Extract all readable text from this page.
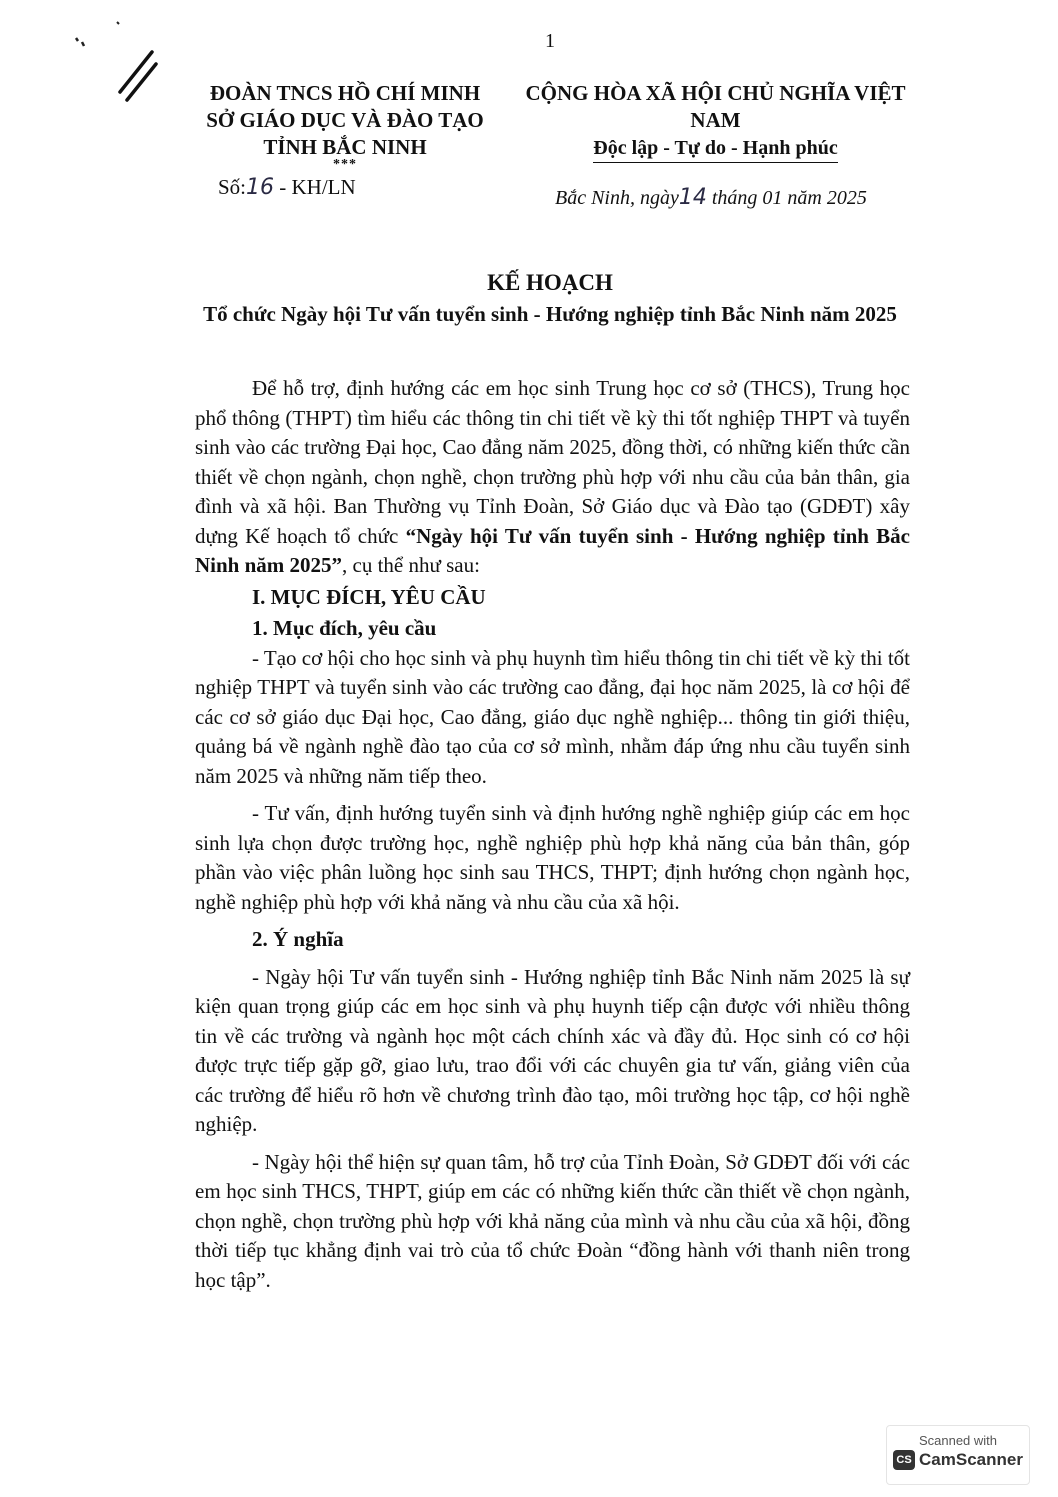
1
ĐOÀN TNCS HỒ CHÍ MINH
SỞ GIÁO DỤC VÀ ĐÀO TẠO
TỈNH BẮC NINH
***
Số:16 - KH/LN
CỘNG HÒA XÃ HỘI CHỦ NGHĨA VIỆT NAM
Độc lập - Tự do - Hạnh phúc
Bắc Ninh, ngày14 tháng 01 năm 2025
KẾ HOẠCH
Tổ chức Ngày hội Tư vấn tuyển sinh - Hướng nghiệp tỉnh Bắc Ninh năm 2025

Để hỗ trợ, định hướng các em học sinh Trung học cơ sở (THCS), Trung học phổ thông (THPT) tìm hiểu các thông tin chi tiết về kỳ thi tốt nghiệp THPT và tuyển sinh vào các trường Đại học, Cao đẳng năm 2025, đồng thời, có những kiến thức cần thiết về chọn ngành, chọn nghề, chọn trường phù hợp với nhu cầu của bản thân, gia đình và xã hội. Ban Thường vụ Tỉnh Đoàn, Sở Giáo dục và Đào tạo (GDĐT) xây dựng Kế hoạch tổ chức “Ngày hội Tư vấn tuyển sinh - Hướng nghiệp tỉnh Bắc Ninh năm 2025”, cụ thể như sau:

I. MỤC ĐÍCH, YÊU CẦU

1. Mục đích, yêu cầu

- Tạo cơ hội cho học sinh và phụ huynh tìm hiểu thông tin chi tiết về kỳ thi tốt nghiệp THPT và tuyển sinh vào các trường cao đẳng, đại học năm 2025, là cơ hội để các cơ sở giáo dục Đại học, Cao đẳng, giáo dục nghề nghiệp... thông tin giới thiệu, quảng bá về ngành nghề đào tạo của cơ sở mình, nhằm đáp ứng nhu cầu tuyển sinh năm 2025 và những năm tiếp theo.

- Tư vấn, định hướng tuyển sinh và định hướng nghề nghiệp giúp các em học sinh lựa chọn được trường học, nghề nghiệp phù hợp khả năng của bản thân, góp phần vào việc phân luồng học sinh sau THCS, THPT; định hướng chọn ngành học, nghề nghiệp phù hợp với khả năng và nhu cầu của xã hội.

2. Ý nghĩa

- Ngày hội Tư vấn tuyển sinh - Hướng nghiệp tỉnh Bắc Ninh năm 2025 là sự kiện quan trọng giúp các em học sinh và phụ huynh tiếp cận được với nhiều thông tin về các trường và ngành học một cách chính xác và đầy đủ. Học sinh có cơ hội được trực tiếp gặp gỡ, giao lưu, trao đổi với các chuyên gia tư vấn, giảng viên của các trường để hiểu rõ hơn về chương trình đào tạo, môi trường học tập, cơ hội nghề nghiệp.

- Ngày hội thể hiện sự quan tâm, hỗ trợ của Tỉnh Đoàn, Sở GDĐT đối với các em học sinh THCS, THPT, giúp em các có những kiến thức cần thiết về chọn ngành, chọn nghề, chọn trường phù hợp với khả năng của mình và nhu cầu của xã hội, đồng thời tiếp tục khẳng định vai trò của tổ chức Đoàn “đồng hành với thanh niên trong học tập”.

Scanned with
CS CamScanner
